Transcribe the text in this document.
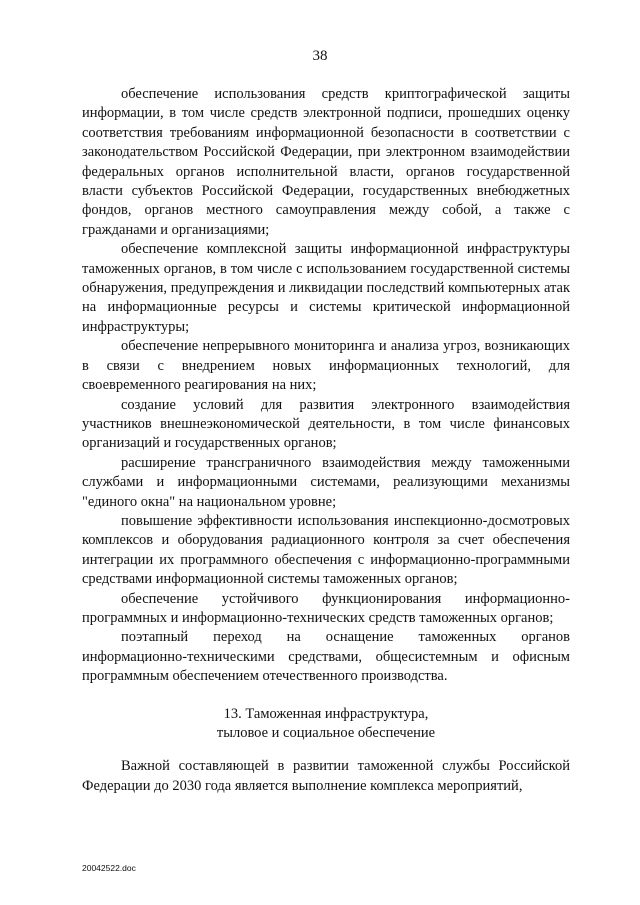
38

обеспечение использования средств криптографической защиты информации, в том числе средств электронной подписи, прошедших оценку соответствия требованиям информационной безопасности в соответствии с законодательством Российской Федерации, при электронном взаимодействии федеральных органов исполнительной власти, органов государственной власти субъектов Российской Федерации, государственных внебюджетных фондов, органов местного самоуправления между собой, а также с гражданами и организациями;

обеспечение комплексной защиты информационной инфраструктуры таможенных органов, в том числе с использованием государственной системы обнаружения, предупреждения и ликвидации последствий компьютерных атак на информационные ресурсы и системы критической информационной инфраструктуры;

обеспечение непрерывного мониторинга и анализа угроз, возникающих в связи с внедрением новых информационных технологий, для своевременного реагирования на них;

создание условий для развития электронного взаимодействия участников внешнеэкономической деятельности, в том числе финансовых организаций и государственных органов;

расширение трансграничного взаимодействия между таможенными службами и информационными системами, реализующими механизмы "единого окна" на национальном уровне;

повышение эффективности использования инспекционно-досмотровых комплексов и оборудования радиационного контроля за счет обеспечения интеграции их программного обеспечения с информационно-программными средствами информационной системы таможенных органов;

обеспечение устойчивого функционирования информационно-программных и информационно-технических средств таможенных органов;

поэтапный переход на оснащение таможенных органов информационно-техническими средствами, общесистемным и офисным программным обеспечением отечественного производства.

13. Таможенная инфраструктура,
тыловое и социальное обеспечение

Важной составляющей в развитии таможенной службы Российской Федерации до 2030 года является выполнение комплекса мероприятий,

20042522.doc
